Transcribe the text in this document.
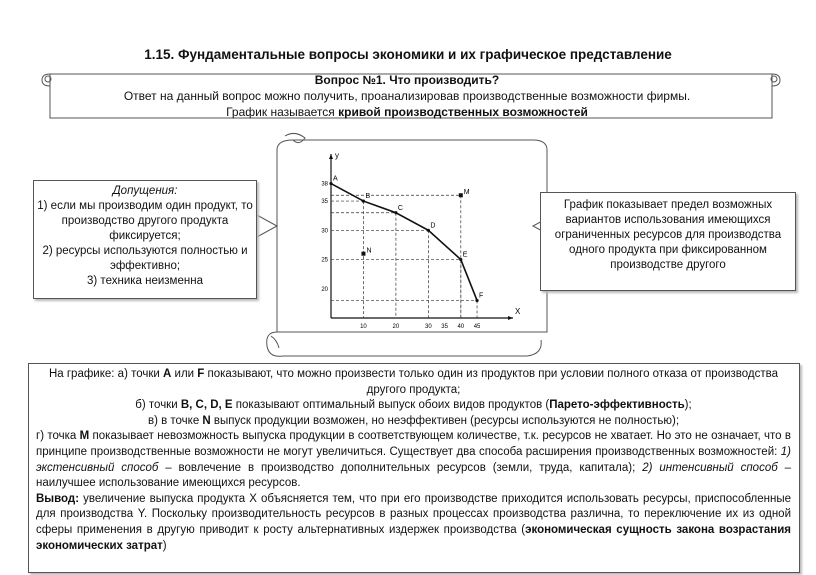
1.15. Фундаментальные вопросы экономики и их графическое представление
Вопрос №1. Что производить?
Ответ на данный вопрос можно получить, проанализировав производственные возможности фирмы.
График называется кривой производственных возможностей
X
y
10	20	30 35 40 45
38
35
30
25
20
A
B
C
D
E
F
M
N
Допущения:
1) если мы производим один продукт, то производство другого продукта фиксируется;
2) ресурсы используются полностью и эффективно;
3) техника неизменна
График показывает предел возможных вариантов использования имеющихся ограниченных ресурсов для производства одного продукта при фиксированном производстве другого

На графике: а) точки А или F показывают, что можно произвести только один из продуктов при условии полного отказа от производства другого продукта;

б) точки B, C, D, E показывают оптимальный выпуск обоих видов продуктов (Парето-эффективность);

в) в точке N выпуск продукции возможен, но неэффективен (ресурсы используются не полностью);

г) точка М показывает невозможность выпуска продукции в соответствующем количестве, т.к. ресурсов не хватает. Но это не означает, что в принципе производственные возможности не могут увеличиться. Существует два способа расширения производственных возможностей: 1) экстенсивный способ – вовлечение в производство дополнительных ресурсов (земли, труда, капитала); 2) интенсивный способ – наилучшее использование имеющихся ресурсов.

Вывод: увеличение выпуска продукта X объясняется тем, что при его производстве приходится использовать ресурсы, приспособленные для производства Y. Поскольку производительность ресурсов в разных процессах производства различна, то переключение их из одной сферы применения в другую приводит к росту альтернативных издержек производства (экономическая сущность закона возрастания экономических затрат)
